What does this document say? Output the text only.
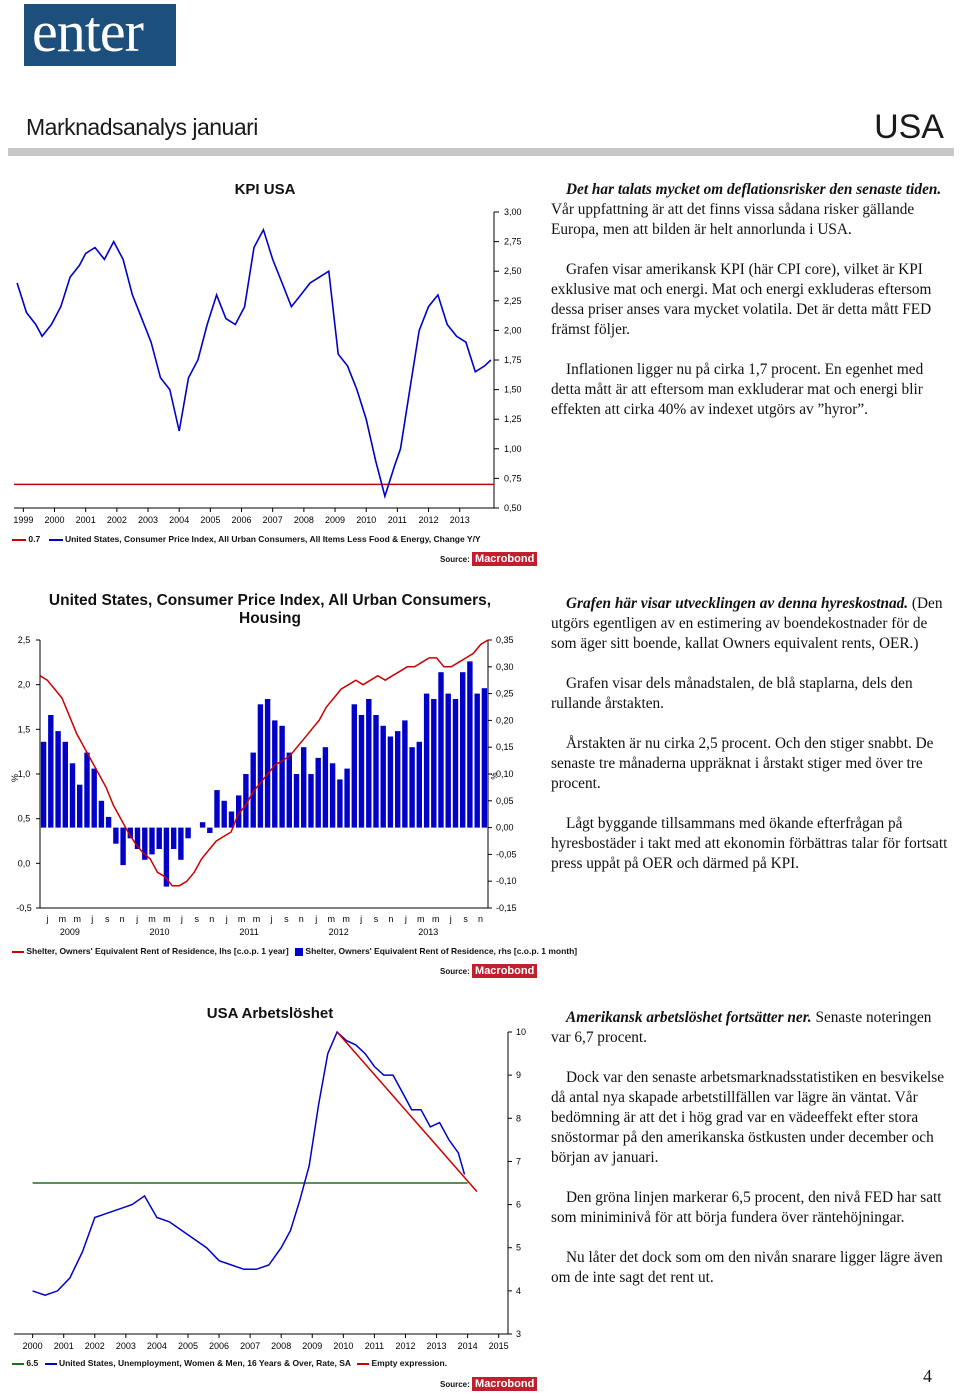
enter
Marknadsanalys januari	USA
KPI USA
3,00
2,75
2,50
2,25
2,00
1,75
1,50
1,25
1,00
0,75
0,50
1999 2000 2001 2002 2003 2004 2005 2006 2007 2008 2009 2010 2011 2012 2013
0.7	United States, Consumer Price Index, All Urban Consumers, All Items Less Food & Energy, Change Y/Y
Source: Macrobond

Det har talats mycket om deflationsrisker den senaste tiden. Vår uppfattning är att det finns vissa sådana risker gällande Europa, men att bilden är helt annorlunda i USA.

Grafen visar amerikansk KPI (här CPI core), vilket är KPI exklusive mat och energi. Mat och energi exkluderas eftersom dessa priser anses vara mycket volatila. Det är detta mått FED främst följer.

Inflationen ligger nu på cirka 1,7 procent. En egenhet med detta mått är att eftersom man exkluderar mat och energi blir effekten att cirka 40% av indexet utgörs av ”hyror”.

United States, Consumer Price Index, All Urban Consumers, Housing
2,5
2,0
1,5
1,0
0,5
0,0
-0,5
0,35
0,30
0,25
0,20
0,15
0,10
0,05
0,00
-0,05
-0,10
-0,15
%	%
j m m j s n j m m j s n j m m j s n j m m j s n j m m j s n
2009	2010	2011	2012	2013
Shelter, Owners' Equivalent Rent of Residence, lhs [c.o.p. 1 year] Shelter, Owners' Equivalent Rent of Residence, rhs [c.o.p. 1 month]
Source: Macrobond

Grafen här visar utvecklingen av denna hyreskostnad. (Den utgörs egentligen av en estimering av boendekostnader för de som äger sitt boende, kallat Owners equivalent rents, OER.)

Grafen visar dels månadstalen, de blå staplarna, dels den rullande årstakten.

Årstakten är nu cirka 2,5 procent. Och den stiger snabbt. De senaste tre månaderna uppräknat i årstakt stiger med över tre procent.

Lågt byggande tillsammans med ökande efterfrågan på hyresbostäder i takt med att ekonomin förbättras talar för fortsatt press uppåt på OER och därmed på KPI.

USA Arbetslöshet
10
9
8
7
6
5
4
3
2000 2001 2002 2003 2004 2005 2006 2007 2008 2009 2010 2011 2012 2013 2014 2015
6.5 United States, Unemployment, Women & Men, 16 Years & Over, Rate, SA Empty expression.
Source: Macrobond

Amerikansk arbetslöshet fortsätter ner. Senaste noteringen var 6,7 procent.

Dock var den senaste arbetsmarknadsstatistiken en besvikelse då antal nya skapade arbetstillfällen var lägre än väntat. Vår bedömning är att det i hög grad var en vädeeffekt efter stora snöstormar på den amerikanska östkusten under december och början av januari.

Den gröna linjen markerar 6,5 procent, den nivå FED har satt som miniminivå för att börja fundera över räntehöjningar.

Nu låter det dock som om den nivån snarare ligger lägre även om de inte sagt det rent ut.

4
